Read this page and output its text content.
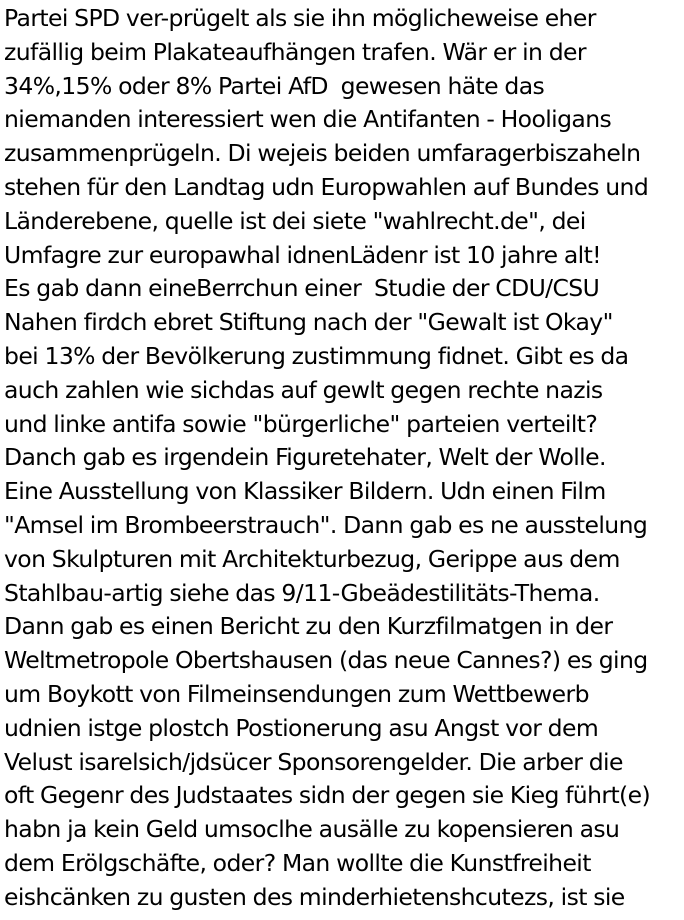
Partei SPD ver-prügelt als sie ihn möglicheweise eher
zufällig beim Plakateaufhängen trafen. Wär er in der
34%,15% oder 8% Partei AfD  gewesen häte das
niemanden interessiert wen die Antifanten - Hooligans
zusammenprügeln. Di wejeis beiden umfaragerbiszaheln
stehen für den Landtag udn Europwahlen auf Bundes und
Länderebene, quelle ist dei siete "wahlrecht.de", dei
Umfagre zur europawhal idnenLädenr ist 10 jahre alt!
Es gab dann eineBerrchun einer  Studie der CDU/CSU
Nahen firdch ebret Stiftung nach der "Gewalt ist Okay"
bei 13% der Bevölkerung zustimmung fidnet. Gibt es da
auch zahlen wie sichdas auf gewlt gegen rechte nazis
und linke antifa sowie "bürgerliche" parteien verteilt?
Danch gab es irgendein Figuretehater, Welt der Wolle.
Eine Ausstellung von Klassiker Bildern. Udn einen Film
"Amsel im Brombeerstrauch". Dann gab es ne ausstelung
von Skulpturen mit Architekturbezug, Gerippe aus dem
Stahlbau-artig siehe das 9/11-Gbeädestilitäts-Thema.
Dann gab es einen Bericht zu den Kurzfilmatgen in der
Weltmetropole Obertshausen (das neue Cannes?) es ging
um Boykott von Filmeinsendungen zum Wettbewerb
udnien istge plostch Postionerung asu Angst vor dem
Velust isarelsich/jdsücer Sponsorengelder. Die arber die
oft Gegenr des Judstaates sidn der gegen sie Kieg führt(e)
habn ja kein Geld umsoclhe ausälle zu kopensieren asu
dem Erölgschäfte, oder? Man wollte die Kunstfreiheit
eishcänken zu gusten des minderhietenshcutezs, ist sie
